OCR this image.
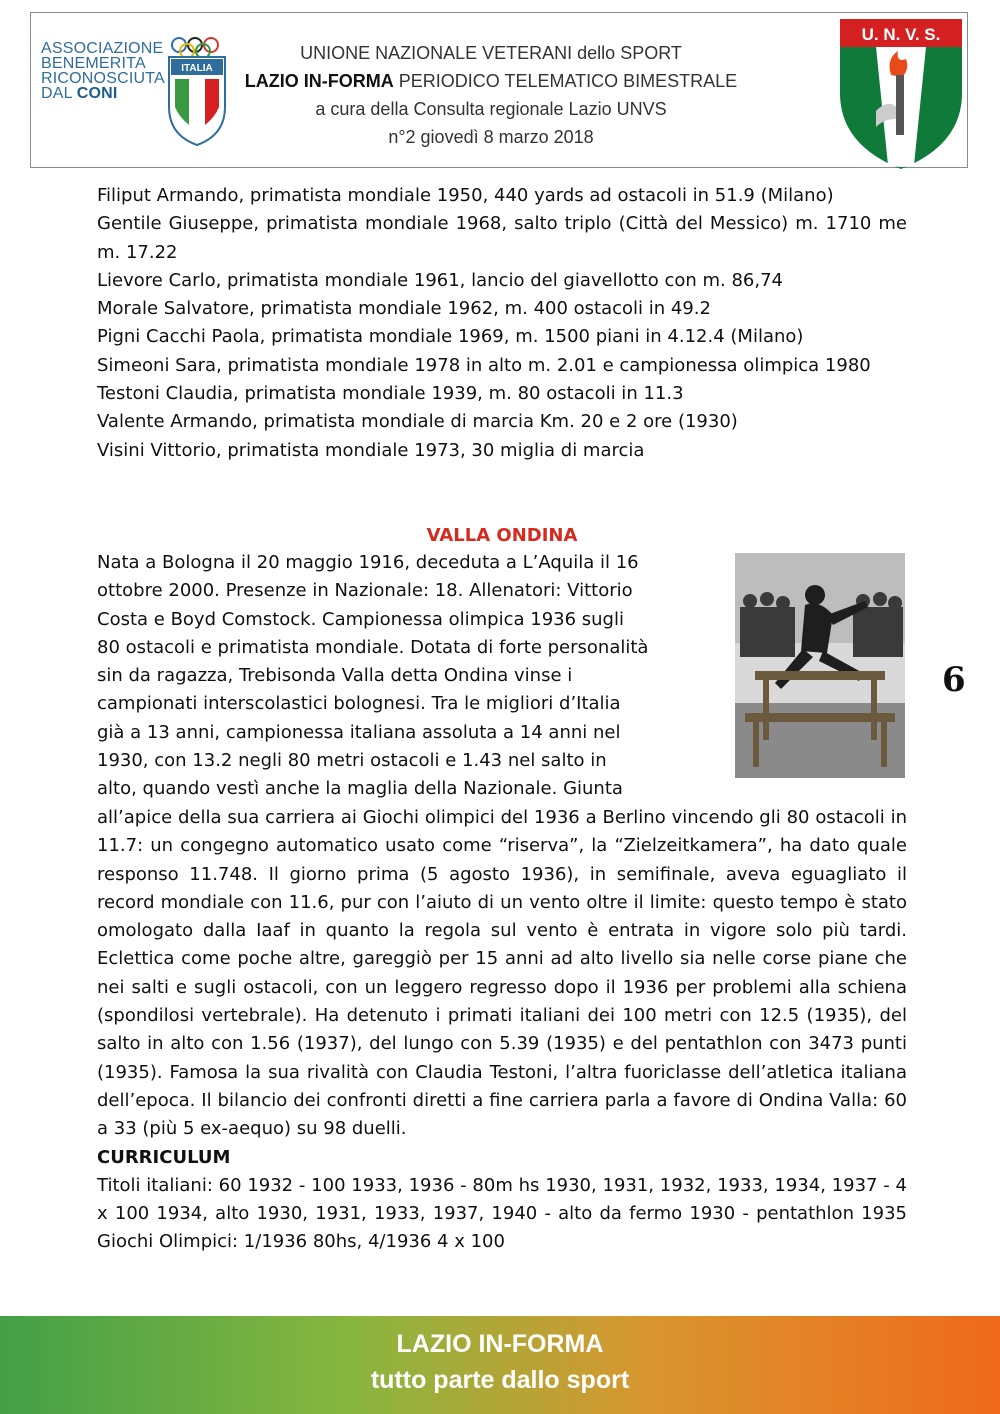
ASSOCIAZIONE
BENEMERITA
RICONOSCIUTA
DAL CONI
ITALIA
UNIONE NAZIONALE VETERANI dello SPORT
LAZIO IN-FORMA PERIODICO TELEMATICO BIMESTRALE
a cura della Consulta regionale Lazio UNVS
n°2 giovedì 8 marzo 2018
U. N. V. S.

Filiput Armando, primatista mondiale 1950, 440 yards ad ostacoli in 51.9 (Milano)

Gentile Giuseppe, primatista mondiale 1968, salto triplo (Città del Messico) m. 1710 me m. 17.22

Lievore Carlo, primatista mondiale 1961, lancio del giavellotto con m. 86,74

Morale Salvatore, primatista mondiale 1962, m. 400 ostacoli in 49.2

Pigni Cacchi Paola, primatista mondiale 1969, m. 1500 piani in 4.12.4 (Milano)

Simeoni Sara, primatista mondiale 1978 in alto m. 2.01 e campionessa olimpica 1980

Testoni Claudia, primatista mondiale 1939, m. 80 ostacoli in 11.3

Valente Armando, primatista mondiale di marcia Km. 20 e 2 ore (1930)

Visini Vittorio, primatista mondiale 1973, 30 miglia di marcia

VALLA ONDINA

Nata a Bologna il 20 maggio 1916, deceduta a L’Aquila il 16

ottobre 2000. Presenze in Nazionale: 18. Allenatori: Vittorio

Costa e Boyd Comstock. Campionessa olimpica 1936 sugli

80 ostacoli e primatista mondiale. Dotata di forte personalità

sin da ragazza, Trebisonda Valla detta Ondina vinse i

campionati interscolastici bolognesi. Tra le migliori d’Italia

già a 13 anni, campionessa italiana assoluta a 14 anni nel

1930, con 13.2 negli 80 metri ostacoli e 1.43 nel salto in

alto, quando vestì anche la maglia della Nazionale. Giunta

all’apice della sua carriera ai Giochi olimpici del 1936 a Berlino vincendo gli 80 ostacoli in 11.7: un congegno automatico usato come “riserva”, la “Zielzeitkamera”, ha dato quale responso 11.748. Il giorno prima (5 agosto 1936), in semifinale, aveva eguagliato il record mondiale con 11.6, pur con l’aiuto di un vento oltre il limite: questo tempo è stato omologato dalla Iaaf in quanto la regola sul vento è entrata in vigore solo più tardi. Eclettica come poche altre, gareggiò per 15 anni ad alto livello sia nelle corse piane che nei salti e sugli ostacoli, con un leggero regresso dopo il 1936 per problemi alla schiena (spondilosi vertebrale). Ha detenuto i primati italiani dei 100 metri con 12.5 (1935), del salto in alto con 1.56 (1937), del lungo con 5.39 (1935) e del pentathlon con 3473 punti (1935). Famosa la sua rivalità con Claudia Testoni, l’altra fuoriclasse dell’atletica italiana dell’epoca. Il bilancio dei confronti diretti a fine carriera parla a favore di Ondina Valla: 60 a 33 (più 5 ex-aequo) su 98 duelli.

CURRICULUM

Titoli italiani: 60 1932 - 100 1933, 1936 - 80m hs 1930, 1931, 1932, 1933, 1934, 1937 - 4 x 100 1934, alto 1930, 1931, 1933, 1937, 1940 - alto da fermo 1930 - pentathlon 1935 Giochi Olimpici: 1/1936 80hs, 4/1936 4 x 100

6
LAZIO IN-FORMA
tutto parte dallo sport
